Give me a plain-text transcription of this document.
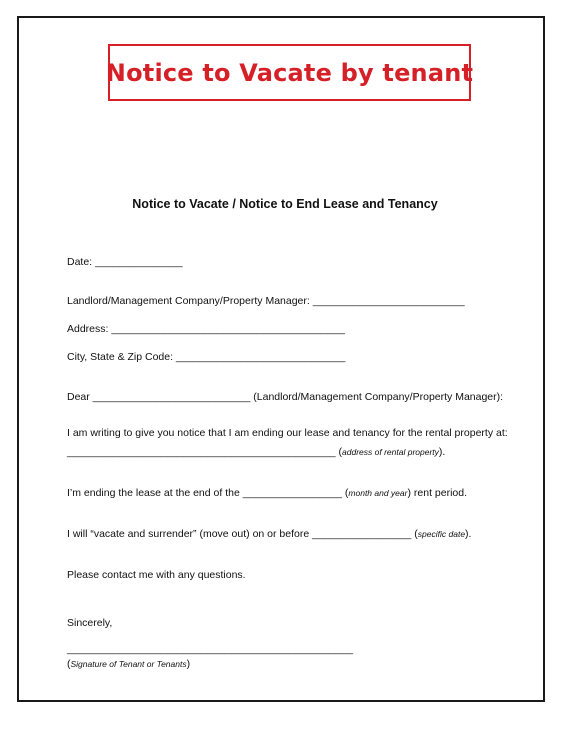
Notice to Vacate by tenant
Notice to Vacate / Notice to End Lease and Tenancy
Date: _______________
Landlord/Management Company/Property Manager: __________________________
Address: ________________________________________
City, State & Zip Code: _____________________________
Dear ___________________________ (Landlord/Management Company/Property Manager):
I am writing to give you notice that I am ending our lease and tenancy for the rental property at:
______________________________________________ (address of rental property).
I’m ending the lease at the end of the _________________ (month and year) rent period.
I will “vacate and surrender” (move out) on or before _________________ (specific date).
Please contact me with any questions.
Sincerely,
_________________________________________________
(Signature of Tenant or Tenants)
